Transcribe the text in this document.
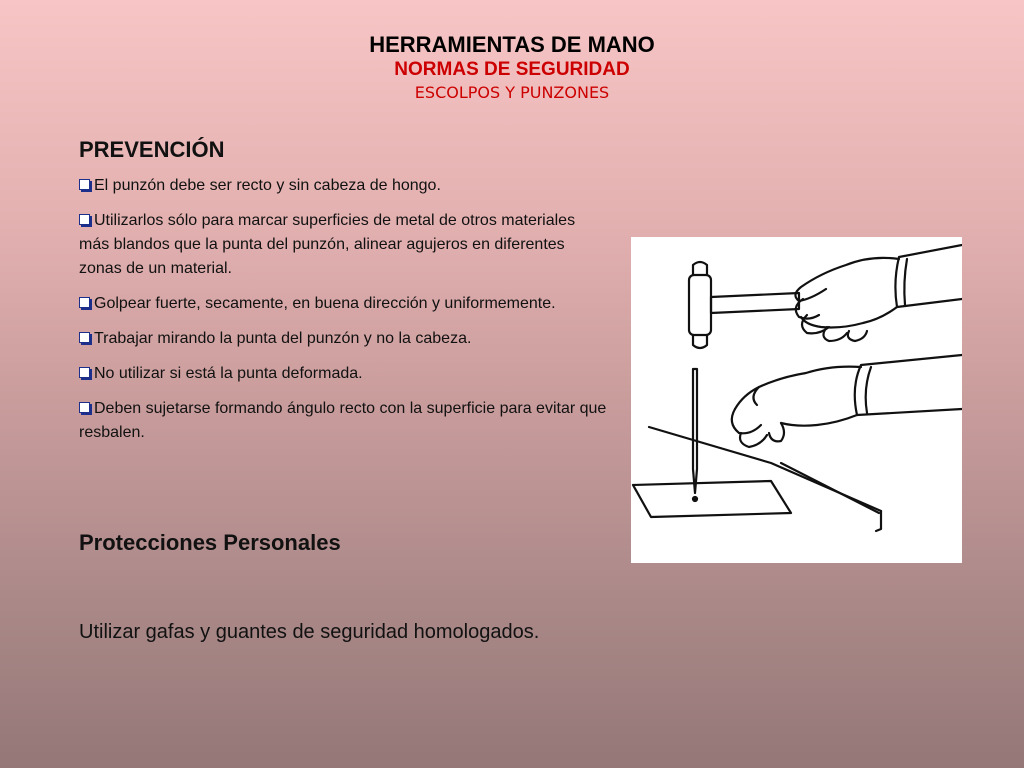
HERRAMIENTAS DE MANO
NORMAS DE SEGURIDAD
ESCOLPOS Y PUNZONES
PREVENCIÓN
El punzón debe ser recto y sin cabeza de hongo.
Utilizarlos sólo para marcar superficies de metal de otros materiales más blandos que la punta del punzón, alinear agujeros en diferentes zonas de un material.
Golpear fuerte, secamente, en buena dirección y uniformemente.
Trabajar mirando la punta del punzón y no la cabeza.
No utilizar si está la punta deformada.
Deben sujetarse formando ángulo recto con la superficie para evitar que resbalen.
Protecciones Personales
Utilizar gafas y guantes de seguridad homologados.
